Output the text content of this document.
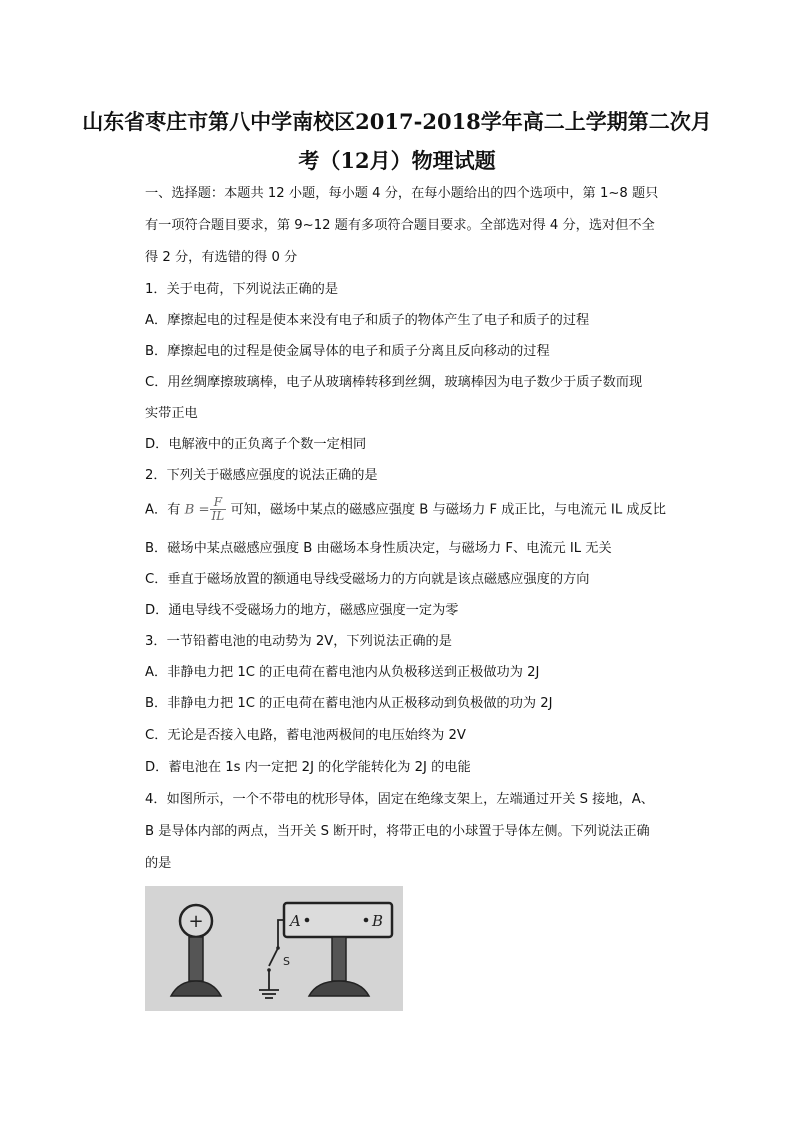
山东省枣庄市第八中学南校区2017-2018学年高二上学期第二次月
考（12月）物理试题
一、选择题：本题共 12 小题，每小题 4 分，在每小题给出的四个选项中，第 1~8 题只
有一项符合题目要求，第 9~12 题有多项符合题目要求。全部选对得 4 分，选对但不全
得 2 分，有选错的得 0 分
1．关于电荷，下列说法正确的是
A．摩擦起电的过程是使本来没有电子和质子的物体产生了电子和质子的过程
B．摩擦起电的过程是使金属导体的电子和质子分离且反向移动的过程
C．用丝绸摩擦玻璃棒，电子从玻璃棒转移到丝绸，玻璃棒因为电子数少于质子数而现
实带正电
D．电解液中的正负离子个数一定相同
2．下列关于磁感应强度的说法正确的是
A．有 $B = \frac{F}{IL}$ 可知，磁场中某点的磁感应强度 B 与磁场力 F 成正比，与电流元 IL 成反比
B．磁场中某点磁感应强度 B 由磁场本身性质决定，与磁场力 F、电流元 IL 无关
C．垂直于磁场放置的额通电导线受磁场力的方向就是该点磁感应强度的方向
D．通电导线不受磁场力的地方，磁感应强度一定为零
3．一节铅蓄电池的电动势为 2V，下列说法正确的是
A．非静电力把 1C 的正电荷在蓄电池内从负极移送到正极做功为 2J
B．非静电力把 1C 的正电荷在蓄电池内从正极移动到负极做的功为 2J
C．无论是否接入电路，蓄电池两极间的电压始终为 2V
D．蓄电池在 1s 内一定把 2J 的化学能转化为 2J 的电能
4．如图所示，一个不带电的枕形导体，固定在绝缘支架上，左端通过开关 S 接地，A、
B 是导体内部的两点，当开关 S 断开时，将带正电的小球置于导体左侧。下列说法正确
的是
+	A	B
S
